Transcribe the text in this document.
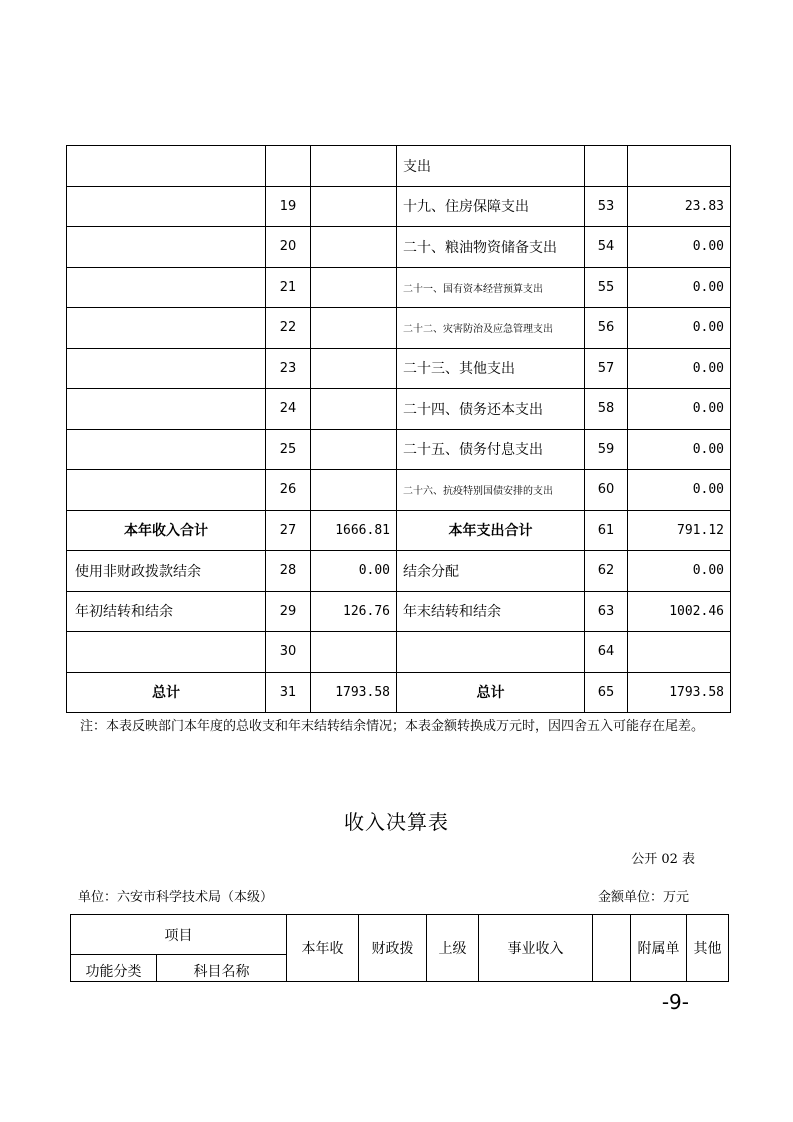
			支出		
	19		十九、住房保障支出	53	23.83
	20		二十、粮油物资储备支出	54	0.00
	21		二十一、国有资本经营预算支出	55	0.00
	22		二十二、灾害防治及应急管理支出	56	0.00
	23		二十三、其他支出	57	0.00
	24		二十四、债务还本支出	58	0.00
	25		二十五、债务付息支出	59	0.00
	26		二十六、抗疫特别国债安排的支出	60	0.00
本年收入合计	27	1666.81	本年支出合计	61	791.12
使用非财政拨款结余	28	0.00	结余分配	62	0.00
年初结转和结余	29	126.76	年末结转和结余	63	1002.46
	30			64	
总计	31	1793.58	总计	65	1793.58
注：本表反映部门本年度的总收支和年末结转结余情况；本表金额转换成万元时，因四舍五入可能存在尾差。
收入决算表
公开 02 表
单位：六安市科学技术局（本级）	金额单位：万元
项目		本年收	财政拨	上级	事业收入		附属单	其他
功能分类	科目名称							
-9-
